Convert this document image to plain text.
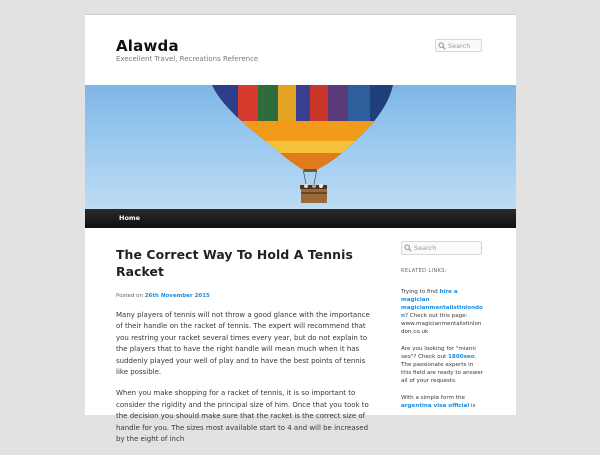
Alawda
Execellent Travel, Recreations Reference
Search
Home
The Correct Way To Hold A Tennis Racket
Posted on 26th November 2015

Many players of tennis will not throw a good glance with the importance of their handle on the racket of tennis. The expert will recommend that you restring your racket several times every year, but do not explain to the players that to have the right handle will mean much when it has suddenly played your well of play and to have the best points of tennis like possible.

When you make shopping for a racket of tennis, it is so important to consider the rigidity and the principal size of him. Once that you took to the decision you should make sure that the racket is the correct size of handle for you. The sizes most available start to 4 and will be increased by the eight of inch

Search
RELATED LINKS:

Trying to find hire a magician magicianmentalistinlondon? Check out this page: www.magicianmentalistinlondon.co.uk

Are you looking for "miami seo"? Check out 1800seo. The passionate experts in this field are ready to answer all of your requests.

With a simple form the argentina visa official is
